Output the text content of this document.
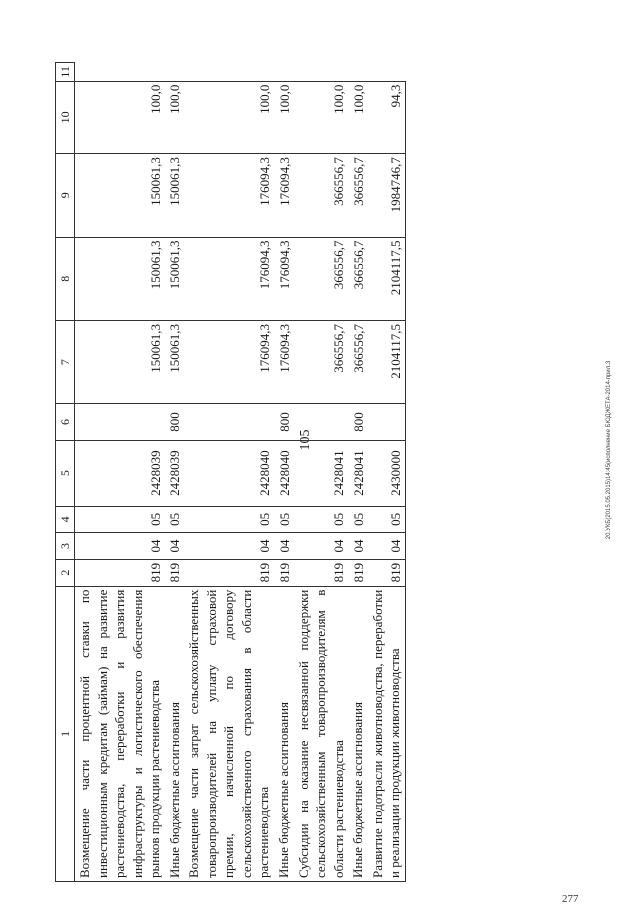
105	20.УКБ(2015.05.2015)14:45(исполнение БЮДЖЕТА-2014-прил.3
277
1	2	3	4	5	6	7	8	9	10	11
Возмещение части процентной ставки по инвестиционным кредитам (займам) на развитие растениеводства, переработки и развития инфраструктуры и логистического обеспечения рынков продукции растениеводства	819	04	05	2428039		150061,3	150061,3	150061,3	100,0	
Иные бюджетные ассигнования	819	04	05	2428039	800	150061,3	150061,3	150061,3	100,0	
Возмещение части затрат сельскохозяйственных товаропроизводителей на уплату страховой премии, начисленной по договору сельскохозяйственного страхования в области растениеводства	819	04	05	2428040		176094,3	176094,3	176094,3	100,0	
Иные бюджетные ассигнования	819	04	05	2428040	800	176094,3	176094,3	176094,3	100,0	
Субсидии на оказание несвязанной поддержки сельскохозяйственным товаропроизводителям в области растениеводства	819	04	05	2428041		366556,7	366556,7	366556,7	100,0	
Иные бюджетные ассигнования	819	04	05	2428041	800	366556,7	366556,7	366556,7	100,0	
Развитие подотрасли животноводства, переработки и реализации продукции животноводства	819	04	05	2430000		2104117,5	2104117,5	1984746,7	94,3	
